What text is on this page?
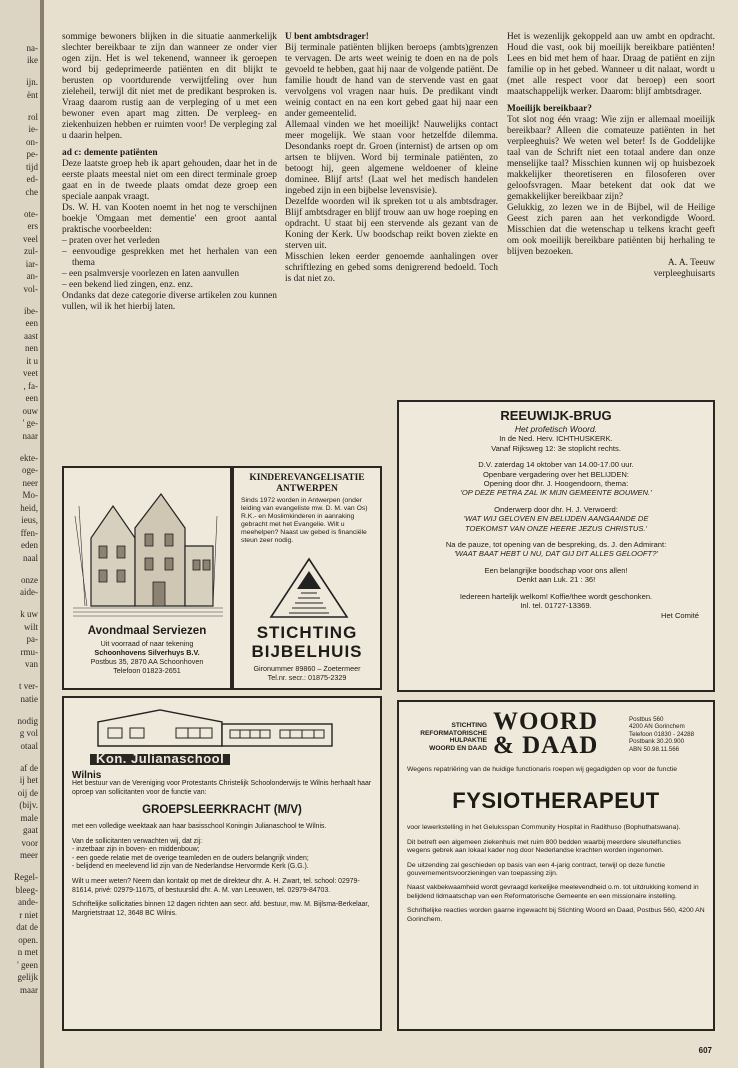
na-
ike
ijn.
ënt
rol
ie-
on-
pe-
tijd
ed-
che
ote-
ers
veel
zul-
iar-
an-
vol-
ibe-
een
aast
nen
it u
veet
, fa-
een
ouw
' ge-
naar
ekte-
oge-
neer
Mo-
heid,
ieus,
ffen-
eden
naal
onze
aide-
k uw
wilt
pa-
rmu-
van
t ver-
natie
nodig
g vol
otaal
af de
ij het
oij de
(bijv.
male
gaat
voor
meer
Regel-
bleeg-
ande-
r niet
dat de
open.
n met
' geen
gelijk
maar

sommige bewoners blijken in die situatie aanmerkelijk slechter bereikbaar te zijn dan wanneer ze onder vier ogen zijn. Het is wel tekenend, wanneer ik geroepen word bij gedeprimeerde patiënten en dit blijkt te berusten op voortdurende verwijtfeling over hun zieleheil, terwijl dit niet met de predikant besproken is. Vraag daarom rustig aan de verpleging of u met een bewoner even apart mag zitten. De verpleeg- en ziekenhuizen hebben er ruimten voor! De verpleging zal u daarin helpen.

ad c: demente patiënten

Deze laatste groep heb ik apart gehouden, daar het in de eerste plaats meestal niet om een direct terminale groep gaat en in de tweede plaats omdat deze groep een speciale aanpak vraagt.

Ds. W. H. van Kooten noemt in het nog te verschijnen boekje 'Omgaan met dementie' een groot aantal praktische voorbeelden:

– praten over het verleden
– eenvoudige gesprekken met het herhalen van een thema
– een psalmversje voorlezen en laten aanvullen
– een bekend lied zingen, enz. enz.

Ondanks dat deze categorie diverse artikelen zou kunnen vullen, wil ik het hierbij laten.

U bent ambtsdrager!

Bij terminale patiënten blijken beroeps (ambts)grenzen te vervagen. De arts weet weinig te doen en na de pols gevoeld te hebben, gaat hij naar de volgende patiënt. De familie houdt de hand van de stervende vast en gaat vervolgens vol vragen naar huis. De predikant vindt weinig contact en na een kort gebed gaat hij naar een ander gemeentelid.

Allemaal vinden we het moeilijk! Nauwelijks contact meer mogelijk. We staan voor hetzelfde dilemma. Desondanks roept dr. Groen (internist) de artsen op om artsen te blijven. Word bij terminale patiënten, zo betoogt hij, geen algemene weldoener of kleine dominee. Blijf arts! (Laat wel het medisch handelen ingebed zijn in een bijbelse levensvisie).

Dezelfde woorden wil ik spreken tot u als ambtsdrager. Blijf ambtsdrager en blijf trouw aan uw hoge roeping en opdracht. U staat bij een stervende als gezant van de Koning der Kerk. Uw boodschap reikt boven ziekte en sterven uit.

Misschien leken eerder genoemde aanhalingen over schriftlezing en gebed soms denigrerend bedoeld. Toch is dat niet zo.

Het is wezenlijk gekoppeld aan uw ambt en opdracht. Houd die vast, ook bij moeilijk bereikbare patiënten! Lees en bid met hem of haar. Draag de patiënt en zijn familie op in het gebed. Wanneer u dit nalaat, wordt u (met alle respect voor dat beroep) een soort maatschappelijk werker. Daarom: blijf ambtsdrager.

Moeilijk bereikbaar?

Tot slot nog één vraag: Wie zijn er allemaal moeilijk bereikbaar? Alleen die comateuze patiënten in het verpleeghuis? We weten wel beter! Is de Goddelijke taal van de Schrift niet een totaal andere dan onze menselijke taal? Misschien kunnen wij op huisbezoek makkelijker theoretiseren en filosoferen over geloofsvragen. Maar betekent dat ook dat we gemakkelijker bereikbaar zijn?

Gelukkig, zo lezen we in de Bijbel, wil de Heilige Geest zich paren aan het verkondigde Woord. Misschien dat die wetenschap u telkens kracht geeft om ook moeilijk bereikbare patiënten bij herhaling te blijven bezoeken.

A. A. Teeuw

verpleeghuisarts

Avondmaal Serviezen
Uit voorraad of naar tekening
Schoonhovens Silverhuys B.V.
Postbus 35, 2870 AA Schoonhoven
Telefoon 01823-2651
KINDEREVANGELISATIE
ANTWERPEN
Sinds 1972 worden in Antwerpen (onder leiding van evangeliste mw. D. M. van Os) R.K.- en Moslimkinderen in aanraking gebracht met het Evangelie. Wilt u meehelpen? Naast uw gebed is financiële steun zeer nodig.
STICHTING
BIJBELHUIS
Gironummer 89860 – Zoetermeer
Tel.nr. secr.: 01875-2329
REEUWIJK-BRUG
Het profetisch Woord.
In de Ned. Herv. ICHTHUSKERK.
Vanaf Rijksweg 12: 3e stoplicht rechts.
D.V. zaterdag 14 oktober van 14.00-17.00 uur.
Openbare vergadering over het BELIJDEN:
Opening door dhr. J. Hoogendoorn, thema:
'OP DEZE PETRA ZAL IK MIJN GEMEENTE BOUWEN.'
Onderwerp door dhr. H. J. Verwoerd:
'WAT WIJ GELOVEN EN BELIJDEN AANGAANDE DE
TOEKOMST VAN ONZE HEERE JEZUS CHRISTUS.'
Na de pauze, tot opening van de bespreking, ds. J. den Admirant:
'WAAT BAAT HEBT U NU, DAT GIJ DIT ALLES GELOOFT?'
Een belangrijke boodschap voor ons allen!
Denkt aan Luk. 21 : 36!
Iedereen hartelijk welkom! Koffie/thee wordt geschonken.
Inl. tel. 01727-13369.
Het Comité
Kon. Julianaschool
Wilnis
Het bestuur van de Vereniging voor Protestants Christelijk Schoolonderwijs te Wilnis herhaalt haar oproep van sollicitanten voor de functie van:
GROEPSLEERKRACHT (M/V)
met een volledige weektaak aan haar basisschool Koningin Julianaschool te Wilnis.
Van de sollicitanten verwachten wij, dat zij:
- inzetbaar zijn in boven- en middenbouw;
- een goede relatie met de overige teamleden en de ouders belangrijk vinden;
- belijdend en meelevend lid zijn van de Nederlandse Hervormde Kerk (G.G.).
Wilt u meer weten? Neem dan kontakt op met de direkteur dhr. A. H. Zwart, tel. school: 02979-81614, privé: 02979-11675, of bestuurslid dhr. A. M. van Leeuwen, tel. 02979-84703.
Schriftelijke sollicitaties binnen 12 dagen richten aan secr. afd. bestuur, mw. M. Bijlsma-Berkelaar, Margrietstraat 12, 3648 BC Wilnis.
STICHTING
REFORMATORISCHE
HULPAKTIE
WOORD EN DAAD
WOORD
& DAAD
Postbus 560
4200 AN Gorinchem
Telefoon 01830 - 24288
Postbank 30.20.900
ABN 50.98.11.566
Wegens repatriëring van de huidige functionaris roepen wij gegadigden op voor de functie
FYSIOTHERAPEUT
voor lewerkstelling in het Geluksspan Community Hospital in Radithuso (Bophuthatswana).
Dit betreft een algemeen ziekenhuis met ruim 800 bedden waarbij meerdere sleutelfuncties wegens gebrek aan lokaal kader nog door Nederlandse krachten worden ingenomen.
De uitzending zal geschieden op basis van een 4-jarig contract, terwijl op deze functie gouvernementsvoorzieningen van toepassing zijn.
Naast vakbekwaamheid wordt gevraagd kerkelijke meelevendheid o.m. tot uitdrukking komend in belijdend lidmaatschap van een Reformatorische Gemeente en een missionaire instelling.
Schriftelijke reacties worden gaarne ingewacht bij Stichting Woord en Daad, Postbus 560, 4200 AN Gorinchem.
607
